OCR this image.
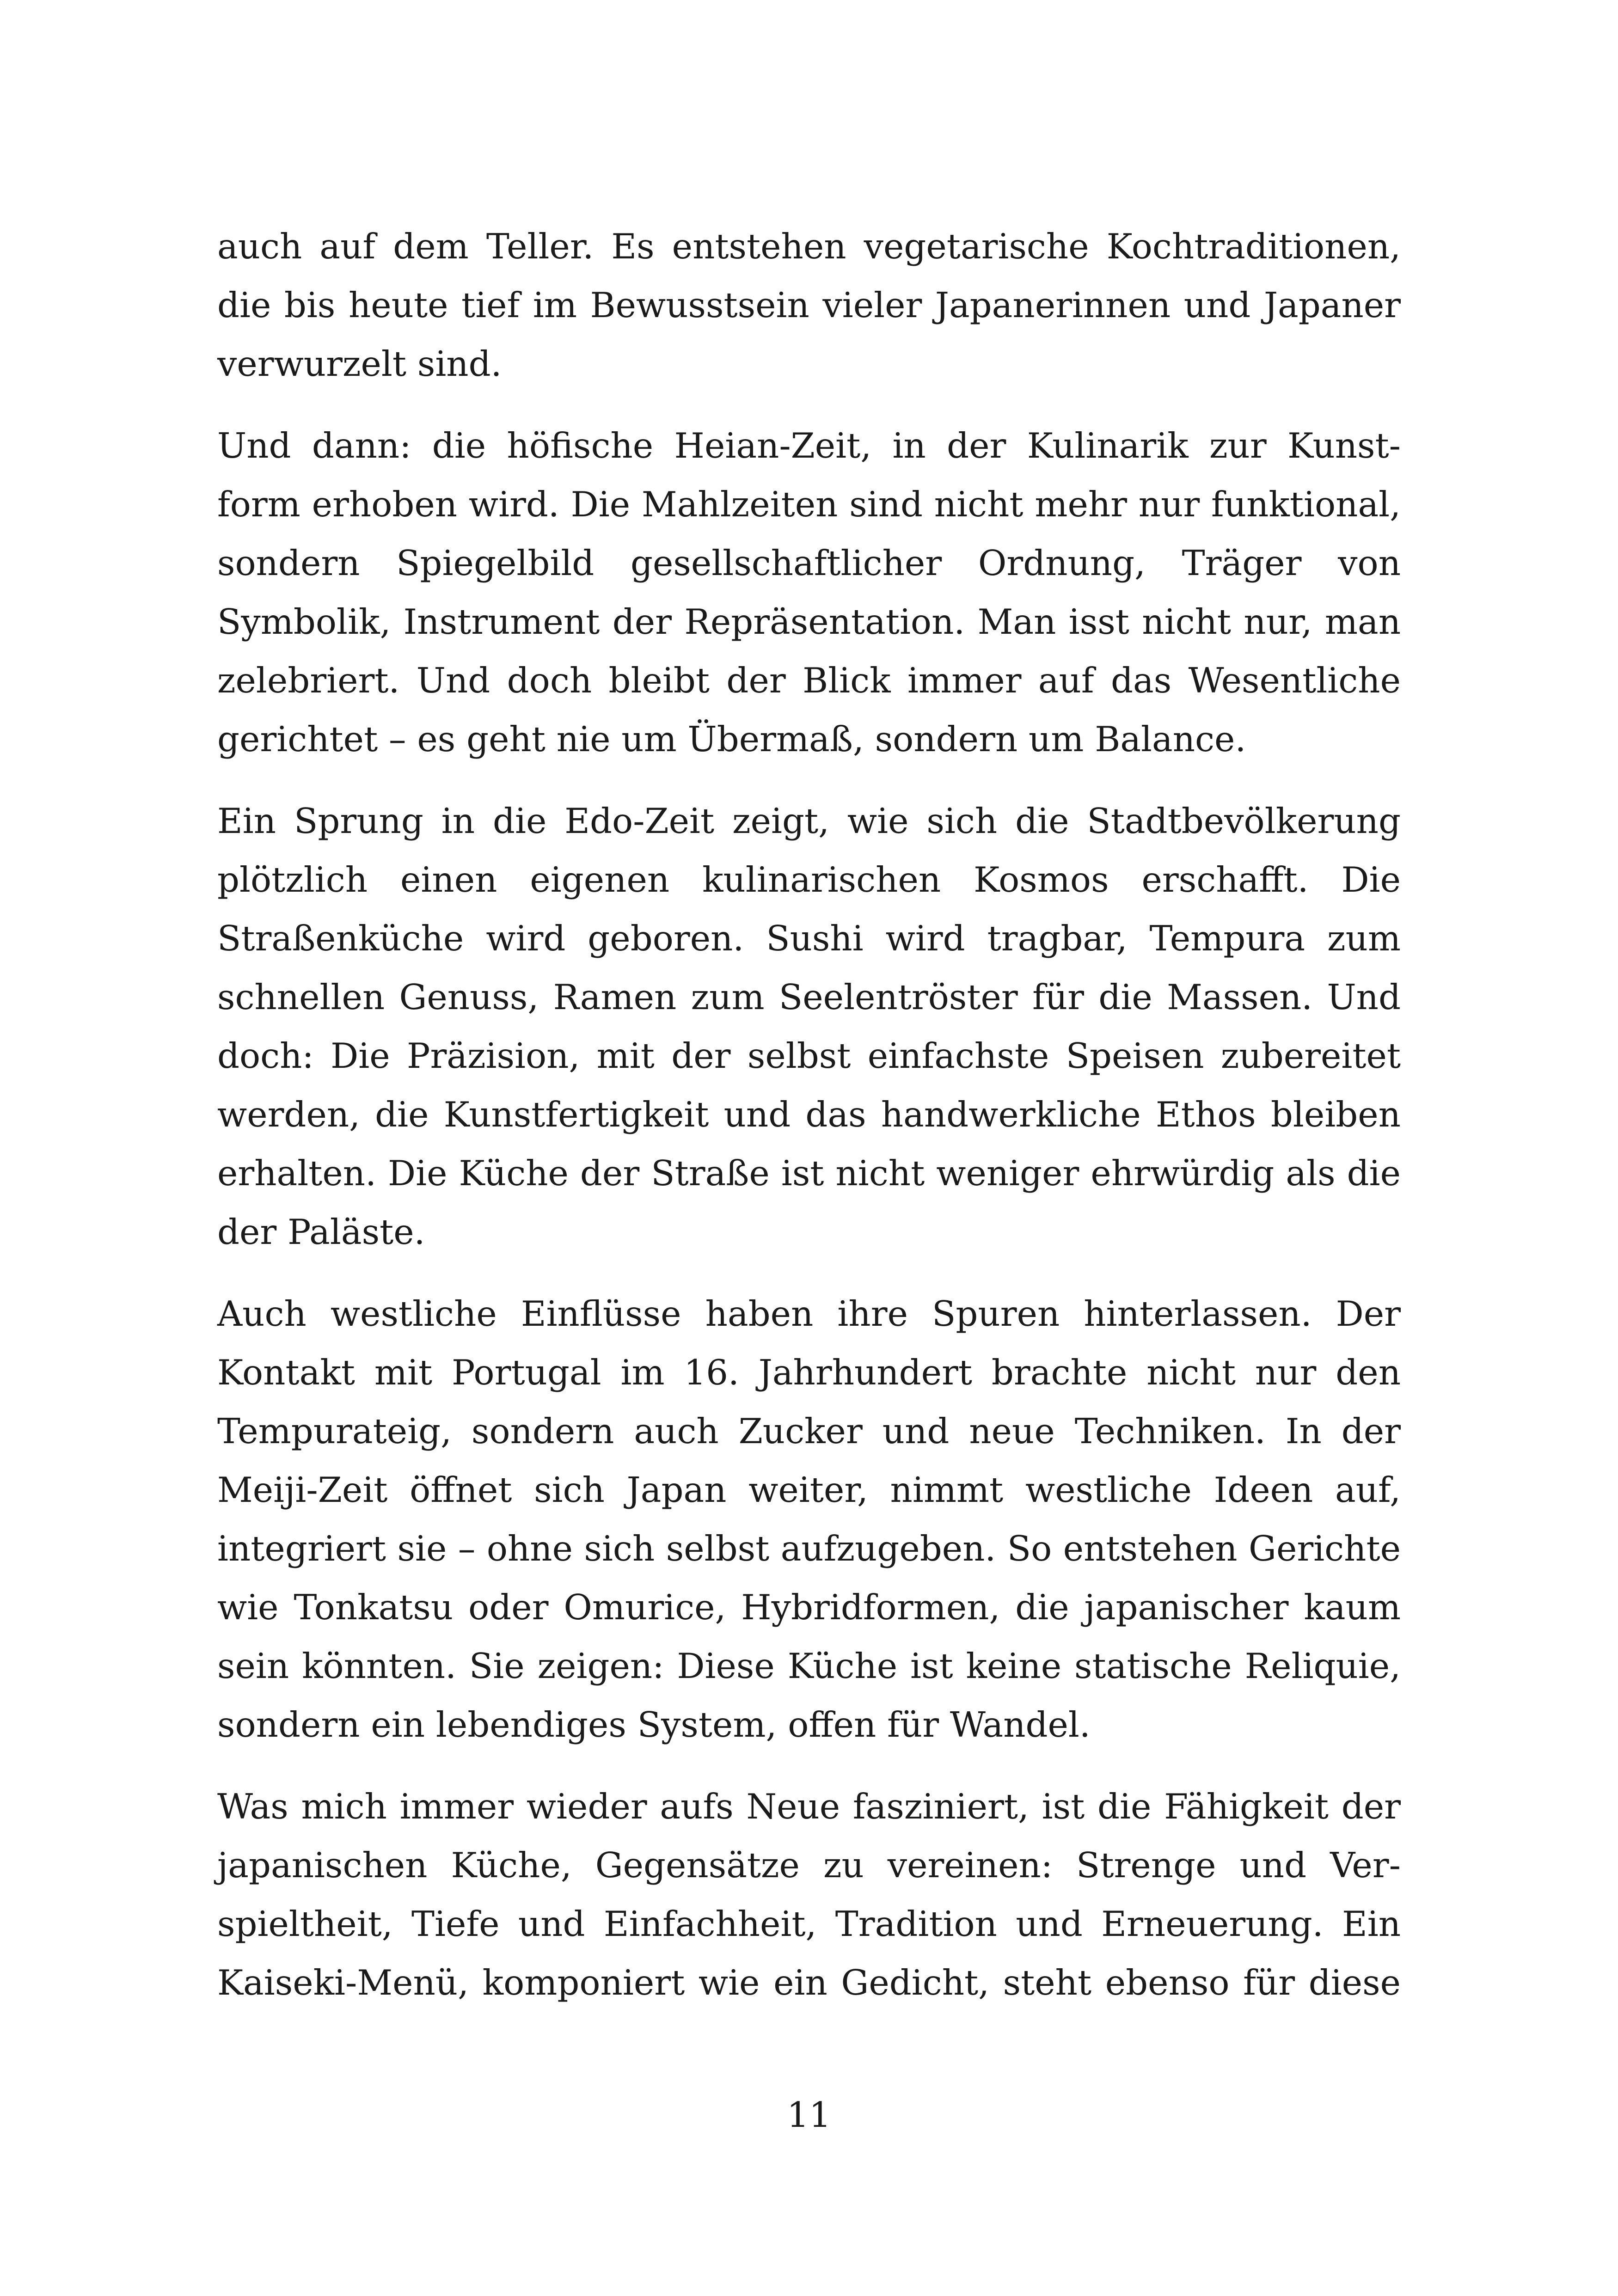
auch auf dem Teller. Es entstehen vegetarische Kochtraditionen,
die bis heute tief im Bewusstsein vieler Japanerinnen und Japaner
verwurzelt sind.
Und dann: die höfische Heian-Zeit, in der Kulinarik zur Kunst-
form erhoben wird. Die Mahlzeiten sind nicht mehr nur funktional,
sondern Spiegelbild gesellschaftlicher Ordnung, Träger von
Symbolik, Instrument der Repräsentation. Man isst nicht nur, man
zelebriert. Und doch bleibt der Blick immer auf das Wesentliche
gerichtet – es geht nie um Übermaß, sondern um Balance.
Ein Sprung in die Edo-Zeit zeigt, wie sich die Stadtbevölkerung
plötzlich einen eigenen kulinarischen Kosmos erschafft. Die
Straßenküche wird geboren. Sushi wird tragbar, Tempura zum
schnellen Genuss, Ramen zum Seelentröster für die Massen. Und
doch: Die Präzision, mit der selbst einfachste Speisen zubereitet
werden, die Kunstfertigkeit und das handwerkliche Ethos bleiben
erhalten. Die Küche der Straße ist nicht weniger ehrwürdig als die
der Paläste.
Auch westliche Einflüsse haben ihre Spuren hinterlassen. Der
Kontakt mit Portugal im 16. Jahrhundert brachte nicht nur den
Tempurateig, sondern auch Zucker und neue Techniken. In der
Meiji-Zeit öffnet sich Japan weiter, nimmt westliche Ideen auf,
integriert sie – ohne sich selbst aufzugeben. So entstehen Gerichte
wie Tonkatsu oder Omurice, Hybridformen, die japanischer kaum
sein könnten. Sie zeigen: Diese Küche ist keine statische Reliquie,
sondern ein lebendiges System, offen für Wandel.
Was mich immer wieder aufs Neue fasziniert, ist die Fähigkeit der
japanischen Küche, Gegensätze zu vereinen: Strenge und Ver-
spieltheit, Tiefe und Einfachheit, Tradition und Erneuerung. Ein
Kaiseki-Menü, komponiert wie ein Gedicht, steht ebenso für diese
11
